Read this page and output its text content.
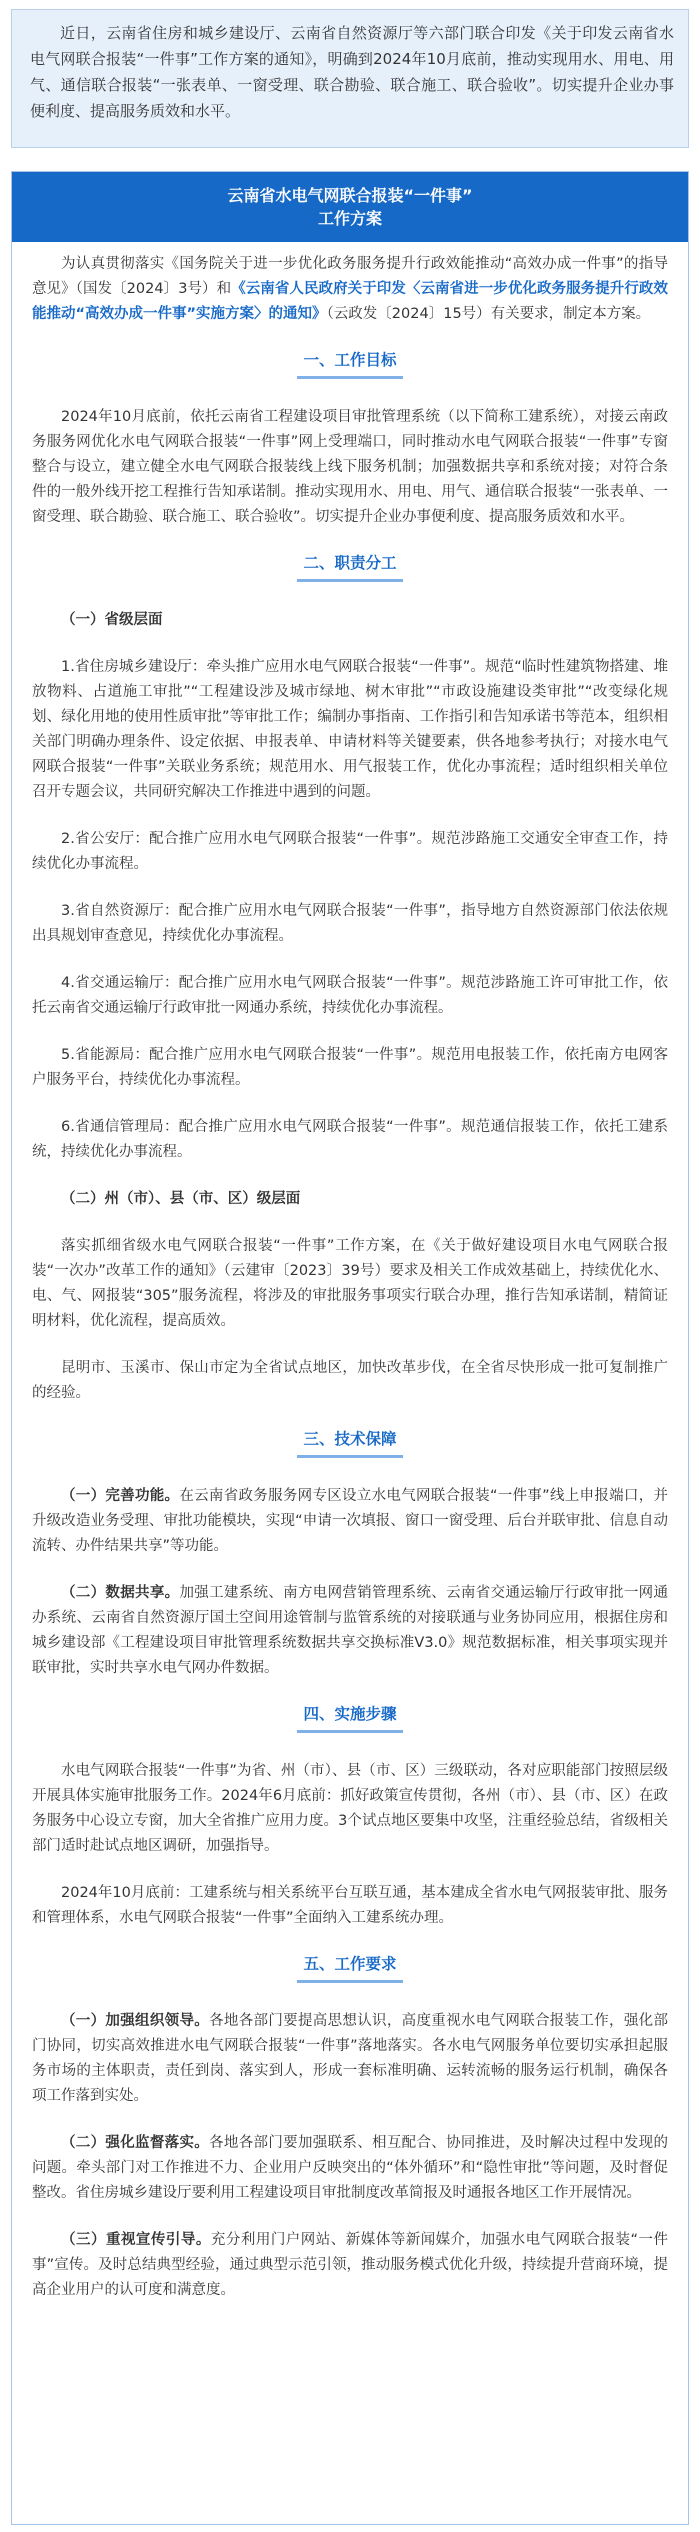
近日，云南省住房和城乡建设厅、云南省自然资源厅等六部门联合印发《关于印发云南省水电气网联合报装“一件事”工作方案的通知》，明确到2024年10月底前，推动实现用水、用电、用气、通信联合报装“一张表单、一窗受理、联合勘验、联合施工、联合验收”。切实提升企业办事便利度、提高服务质效和水平。

云南省水电气网联合报装“一件事”
工作方案

为认真贯彻落实《国务院关于进一步优化政务服务提升行政效能推动“高效办成一件事”的指导意见》（国发〔2024〕3号）和《云南省人民政府关于印发〈云南省进一步优化政务服务提升行政效能推动“高效办成一件事”实施方案〉的通知》（云政发〔2024〕15号）有关要求，制定本方案。

一、工作目标

2024年10月底前，依托云南省工程建设项目审批管理系统（以下简称工建系统），对接云南政务服务网优化水电气网联合报装“一件事”网上受理端口，同时推动水电气网联合报装“一件事”专窗整合与设立，建立健全水电气网联合报装线上线下服务机制；加强数据共享和系统对接；对符合条件的一般外线开挖工程推行告知承诺制。推动实现用水、用电、用气、通信联合报装“一张表单、一窗受理、联合勘验、联合施工、联合验收”。切实提升企业办事便利度、提高服务质效和水平。

二、职责分工

（一）省级层面

1.省住房城乡建设厅：牵头推广应用水电气网联合报装“一件事”。规范“临时性建筑物搭建、堆放物料、占道施工审批”“工程建设涉及城市绿地、树木审批”“市政设施建设类审批”“改变绿化规划、绿化用地的使用性质审批”等审批工作；编制办事指南、工作指引和告知承诺书等范本，组织相关部门明确办理条件、设定依据、申报表单、申请材料等关键要素，供各地参考执行；对接水电气网联合报装“一件事”关联业务系统；规范用水、用气报装工作，优化办事流程；适时组织相关单位召开专题会议，共同研究解决工作推进中遇到的问题。

2.省公安厅：配合推广应用水电气网联合报装“一件事”。规范涉路施工交通安全审查工作，持续优化办事流程。

3.省自然资源厅：配合推广应用水电气网联合报装“一件事”，指导地方自然资源部门依法依规出具规划审查意见，持续优化办事流程。

4.省交通运输厅：配合推广应用水电气网联合报装“一件事”。规范涉路施工许可审批工作，依托云南省交通运输厅行政审批一网通办系统，持续优化办事流程。

5.省能源局：配合推广应用水电气网联合报装“一件事”。规范用电报装工作，依托南方电网客户服务平台，持续优化办事流程。

6.省通信管理局：配合推广应用水电气网联合报装“一件事”。规范通信报装工作，依托工建系统，持续优化办事流程。

（二）州（市）、县（市、区）级层面

落实抓细省级水电气网联合报装“一件事”工作方案，在《关于做好建设项目水电气网联合报装“一次办”改革工作的通知》（云建审〔2023〕39号）要求及相关工作成效基础上，持续优化水、电、气、网报装“305”服务流程，将涉及的审批服务事项实行联合办理，推行告知承诺制，精简证明材料，优化流程，提高质效。

昆明市、玉溪市、保山市定为全省试点地区，加快改革步伐，在全省尽快形成一批可复制推广的经验。

三、技术保障

（一）完善功能。在云南省政务服务网专区设立水电气网联合报装“一件事”线上申报端口，并升级改造业务受理、审批功能模块，实现“申请一次填报、窗口一窗受理、后台并联审批、信息自动流转、办件结果共享”等功能。

（二）数据共享。加强工建系统、南方电网营销管理系统、云南省交通运输厅行政审批一网通办系统、云南省自然资源厅国土空间用途管制与监管系统的对接联通与业务协同应用，根据住房和城乡建设部《工程建设项目审批管理系统数据共享交换标准V3.0》规范数据标准，相关事项实现并联审批，实时共享水电气网办件数据。

四、实施步骤

水电气网联合报装“一件事”为省、州（市）、县（市、区）三级联动，各对应职能部门按照层级开展具体实施审批服务工作。2024年6月底前：抓好政策宣传贯彻，各州（市）、县（市、区）在政务服务中心设立专窗，加大全省推广应用力度。3个试点地区要集中攻坚，注重经验总结，省级相关部门适时赴试点地区调研，加强指导。

2024年10月底前：工建系统与相关系统平台互联互通，基本建成全省水电气网报装审批、服务和管理体系，水电气网联合报装“一件事”全面纳入工建系统办理。

五、工作要求

（一）加强组织领导。各地各部门要提高思想认识，高度重视水电气网联合报装工作，强化部门协同，切实高效推进水电气网联合报装“一件事”落地落实。各水电气网服务单位要切实承担起服务市场的主体职责，责任到岗、落实到人，形成一套标准明确、运转流畅的服务运行机制，确保各项工作落到实处。

（二）强化监督落实。各地各部门要加强联系、相互配合、协同推进，及时解决过程中发现的问题。牵头部门对工作推进不力、企业用户反映突出的“体外循环”和“隐性审批”等问题，及时督促整改。省住房城乡建设厅要利用工程建设项目审批制度改革简报及时通报各地区工作开展情况。

（三）重视宣传引导。充分利用门户网站、新媒体等新闻媒介，加强水电气网联合报装“一件事”宣传。及时总结典型经验，通过典型示范引领，推动服务模式优化升级，持续提升营商环境，提高企业用户的认可度和满意度。
